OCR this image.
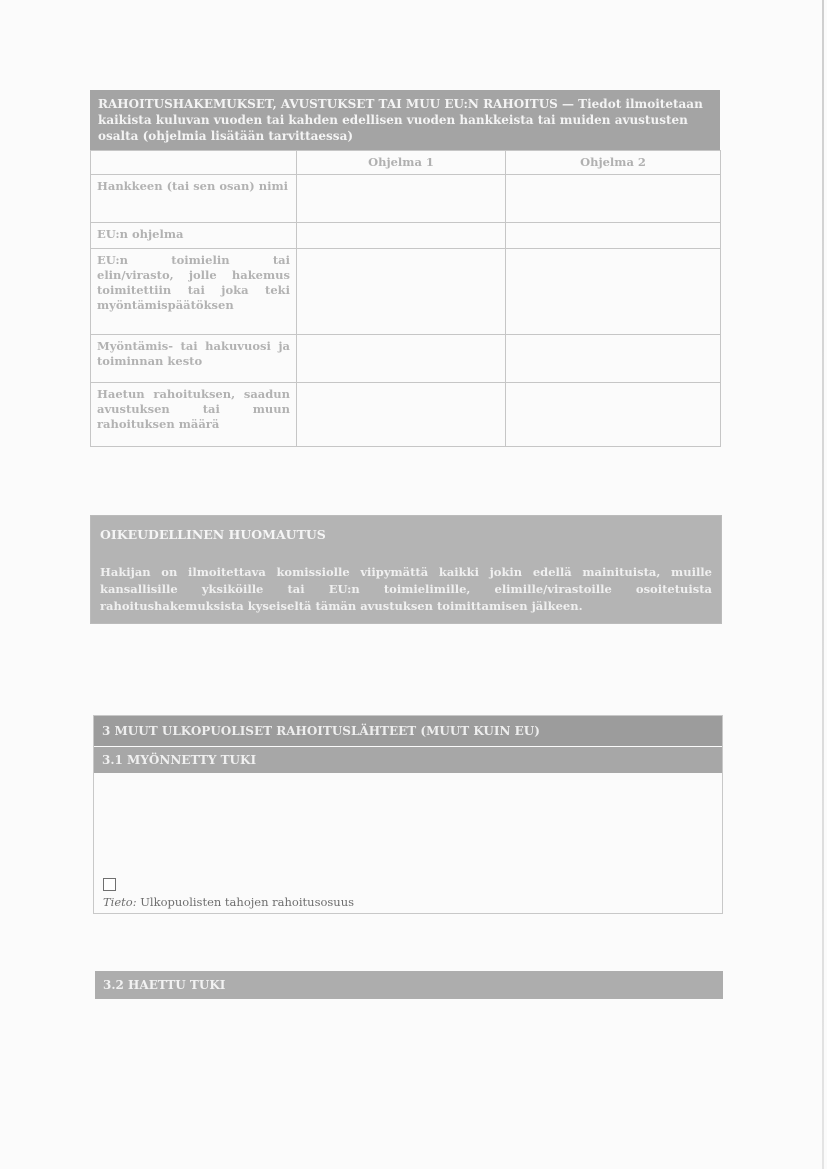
RAHOITUSHAKEMUKSET, AVUSTUKSET TAI MUU EU:N RAHOITUS — Tiedot ilmoitetaan kaikista kuluvan vuoden tai kahden edellisen vuoden hankkeista tai muiden avustusten osalta (ohjelmia lisätään tarvittaessa)
	Ohjelma 1	Ohjelma 2
Hankkeen (tai sen osan) nimi		
EU:n ohjelma		
EU:n toimielin tai elin/virasto, jolle hakemus toimitettiin tai joka teki myöntämispäätöksen		
Myöntämis- tai hakuvuosi ja toiminnan kesto		
Haetun rahoituksen, saadun avustuksen tai muun rahoituksen määrä		
OIKEUDELLINEN HUOMAUTUS
Hakijan on ilmoitettava komissiolle viipymättä kaikki jokin edellä mainituista, muille kansallisille yksiköille tai EU:n toimielimille, elimille/virastoille osoitetuista rahoitushakemuksista kyseiseltä tämän avustuksen toimittamisen jälkeen.
3 MUUT ULKOPUOLISET RAHOITUSLÄHTEET (MUUT KUIN EU)
3.1 MYÖNNETTY TUKI
Tieto: Ulkopuolisten tahojen rahoitusosuus
3.2 HAETTU TUKI
